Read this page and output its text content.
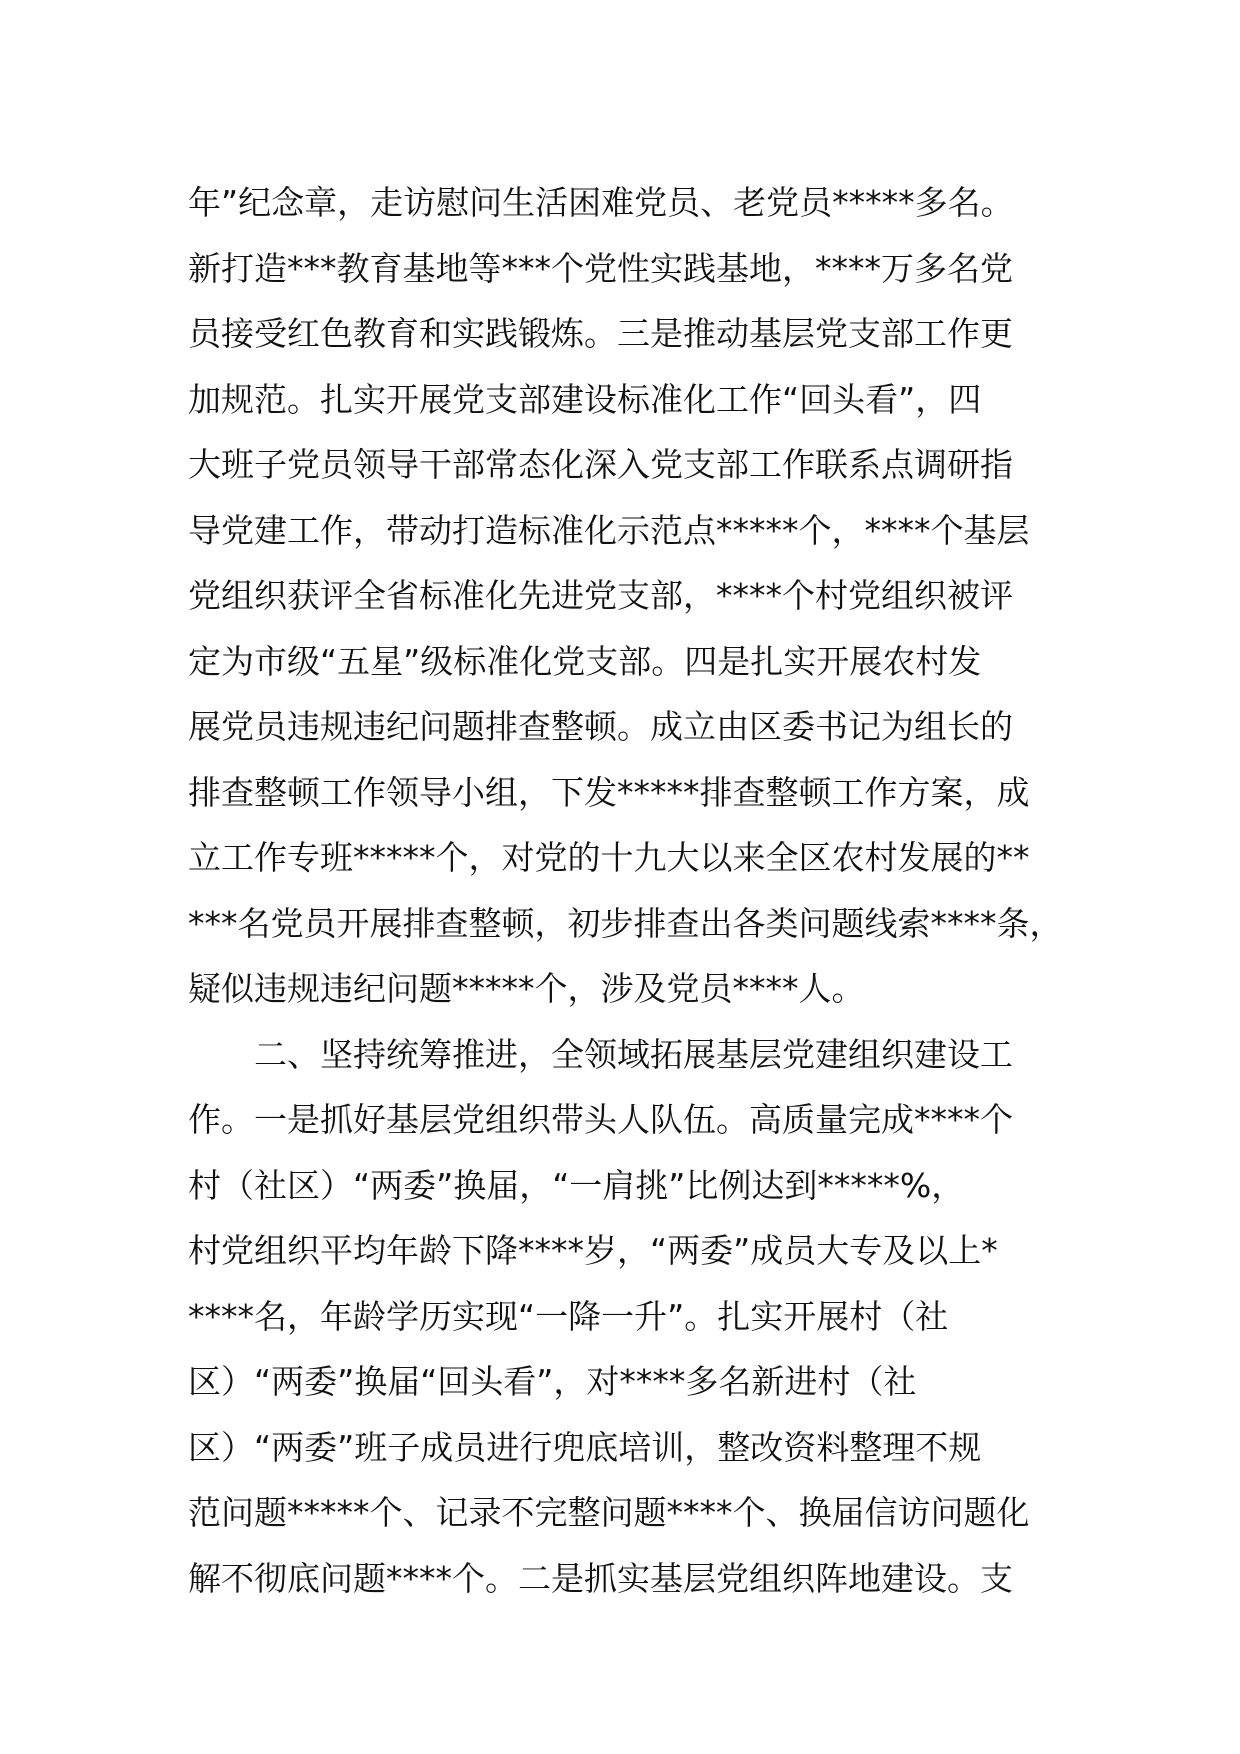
年”纪念章，走访慰问生活困难党员、老党员*****多名。
新打造***教育基地等***个党性实践基地，****万多名党
员接受红色教育和实践锻炼。三是推动基层党支部工作更
加规范。扎实开展党支部建设标准化工作“回头看”，四
大班子党员领导干部常态化深入党支部工作联系点调研指
导党建工作，带动打造标准化示范点*****个，****个基层
党组织获评全省标准化先进党支部，****个村党组织被评
定为市级“五星”级标准化党支部。四是扎实开展农村发
展党员违规违纪问题排查整顿。成立由区委书记为组长的
排查整顿工作领导小组，下发*****排查整顿工作方案，成
立工作专班*****个，对党的十九大以来全区农村发展的**
***名党员开展排查整顿，初步排查出各类问题线索****条，
疑似违规违纪问题*****个，涉及党员****人。
二、坚持统筹推进，全领域拓展基层党建组织建设工
作。一是抓好基层党组织带头人队伍。高质量完成****个
村（社区）“两委”换届，“一肩挑”比例达到*****%，
村党组织平均年龄下降****岁，“两委”成员大专及以上*
****名，年龄学历实现“一降一升”。扎实开展村（社
区）“两委”换届“回头看”，对****多名新进村（社
区）“两委”班子成员进行兜底培训，整改资料整理不规
范问题*****个、记录不完整问题****个、换届信访问题化
解不彻底问题****个。二是抓实基层党组织阵地建设。支
